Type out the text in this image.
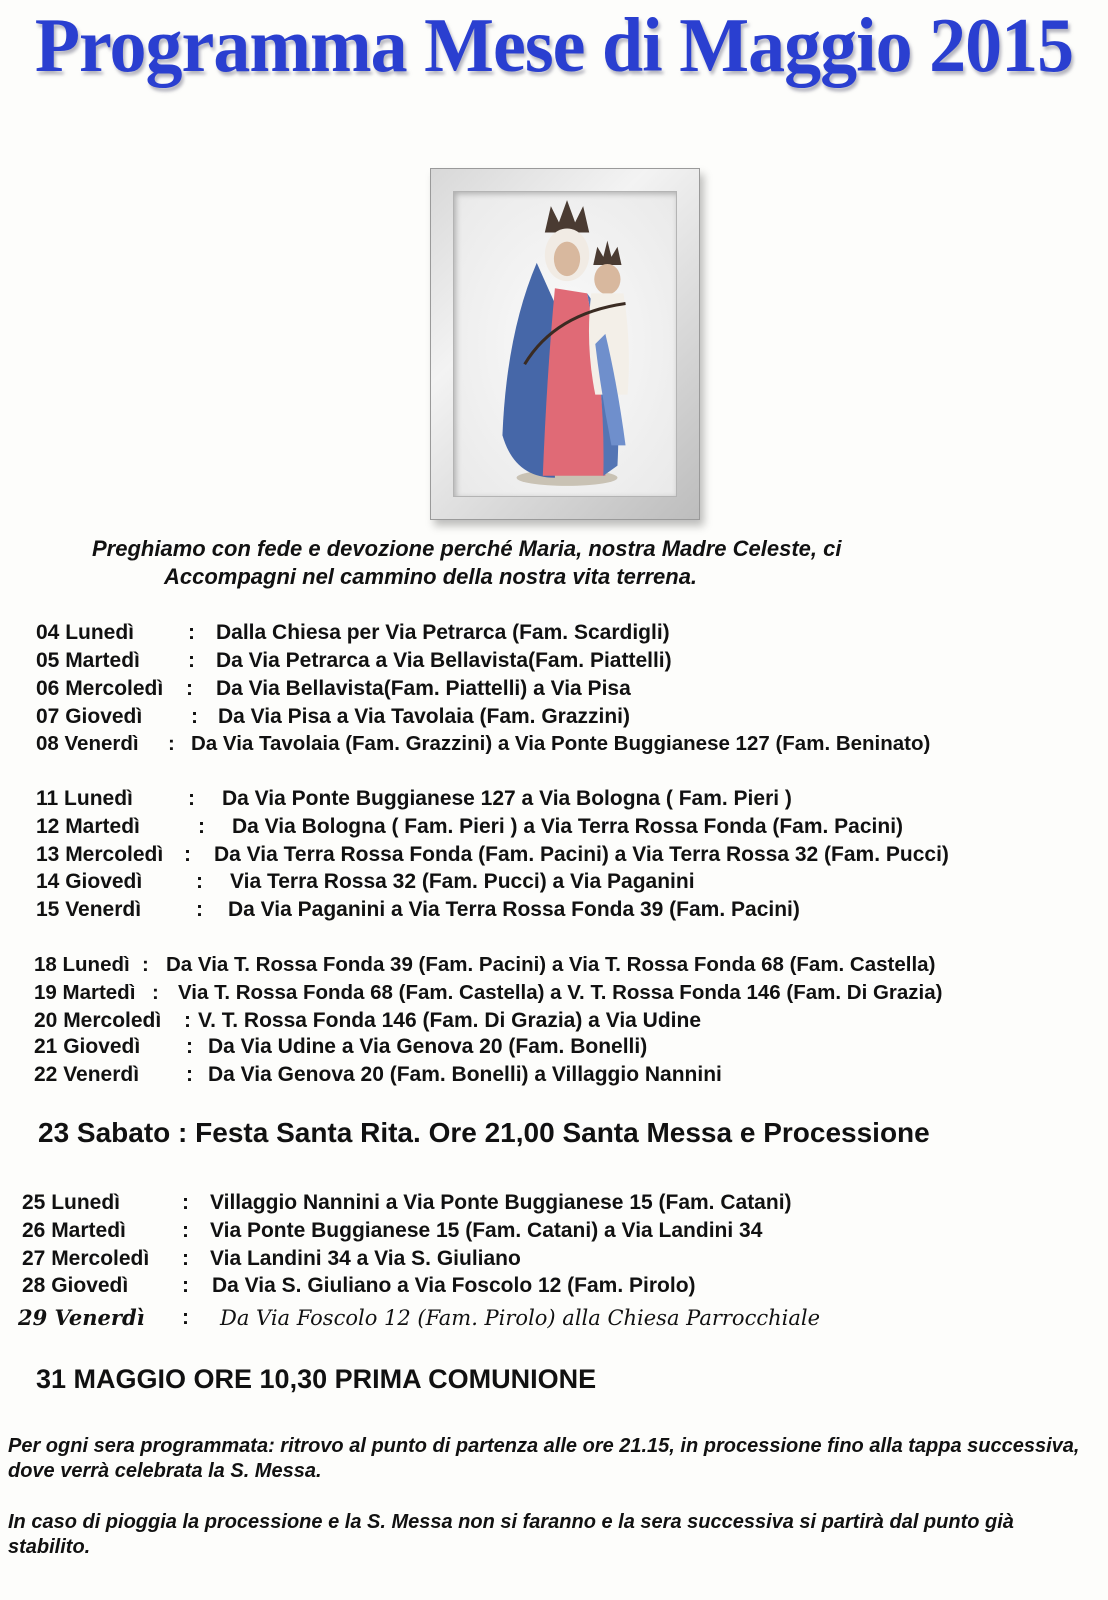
Programma Mese di Maggio 2015
Preghiamo con fede e devozione perché Maria, nostra Madre Celeste, ci
Accompagni nel cammino della nostra vita terrena.
04 Lunedì	: Dalla Chiesa per Via Petrarca (Fam. Scardigli)
05 Martedì : Da Via Petrarca a Via Bellavista(Fam. Piattelli)
06 Mercoledì : Da Via Bellavista(Fam. Piattelli) a Via Pisa
07 Giovedì : Da Via Pisa a Via Tavolaia (Fam. Grazzini)
08 Venerdì : Da Via Tavolaia (Fam. Grazzini) a Via Ponte Buggianese 127 (Fam. Beninato)
11 Lunedì	: Da Via Ponte Buggianese 127 a Via Bologna ( Fam. Pieri )
12 Martedì	: Da Via Bologna ( Fam. Pieri ) a Via Terra Rossa Fonda (Fam. Pacini)
13 Mercoledì : Da Via Terra Rossa Fonda (Fam. Pacini) a Via Terra Rossa 32 (Fam. Pucci)
14 Giovedì	: Via Terra Rossa 32 (Fam. Pucci) a Via Paganini
15 Venerdì	: Da Via Paganini a Via Terra Rossa Fonda 39 (Fam. Pacini)
18 Lunedì : Da Via T. Rossa Fonda 39 (Fam. Pacini) a Via T. Rossa Fonda 68 (Fam. Castella)
19 Martedì : Via T. Rossa Fonda 68 (Fam. Castella) a V. T. Rossa Fonda 146 (Fam. Di Grazia)
20 Mercoledì : V. T. Rossa Fonda 146 (Fam. Di Grazia) a Via Udine
21 Giovedì : Da Via Udine a Via Genova 20 (Fam. Bonelli)
22 Venerdì : Da Via Genova 20 (Fam. Bonelli) a Villaggio Nannini
23 Sabato : Festa Santa Rita. Ore 21,00 Santa Messa e Processione
25 Lunedì	: Villaggio Nannini a Via Ponte Buggianese 15 (Fam. Catani)
26 Martedì	: Via Ponte Buggianese 15 (Fam. Catani) a Via Landini 34
27 Mercoledì : Via Landini 34 a Via S. Giuliano
28 Giovedì	: Da Via S. Giuliano a Via Foscolo 12 (Fam. Pirolo)
29 Venerdì : Da Via Foscolo 12 (Fam. Pirolo) alla Chiesa Parrocchiale
31 MAGGIO ORE 10,30 PRIMA COMUNIONE
Per ogni sera programmata: ritrovo al punto di partenza alle ore 21.15, in processione fino alla tappa successiva, dove verrà celebrata la S. Messa.
In caso di pioggia la processione e la S. Messa non si faranno e la sera successiva si partirà dal punto già stabilito.
